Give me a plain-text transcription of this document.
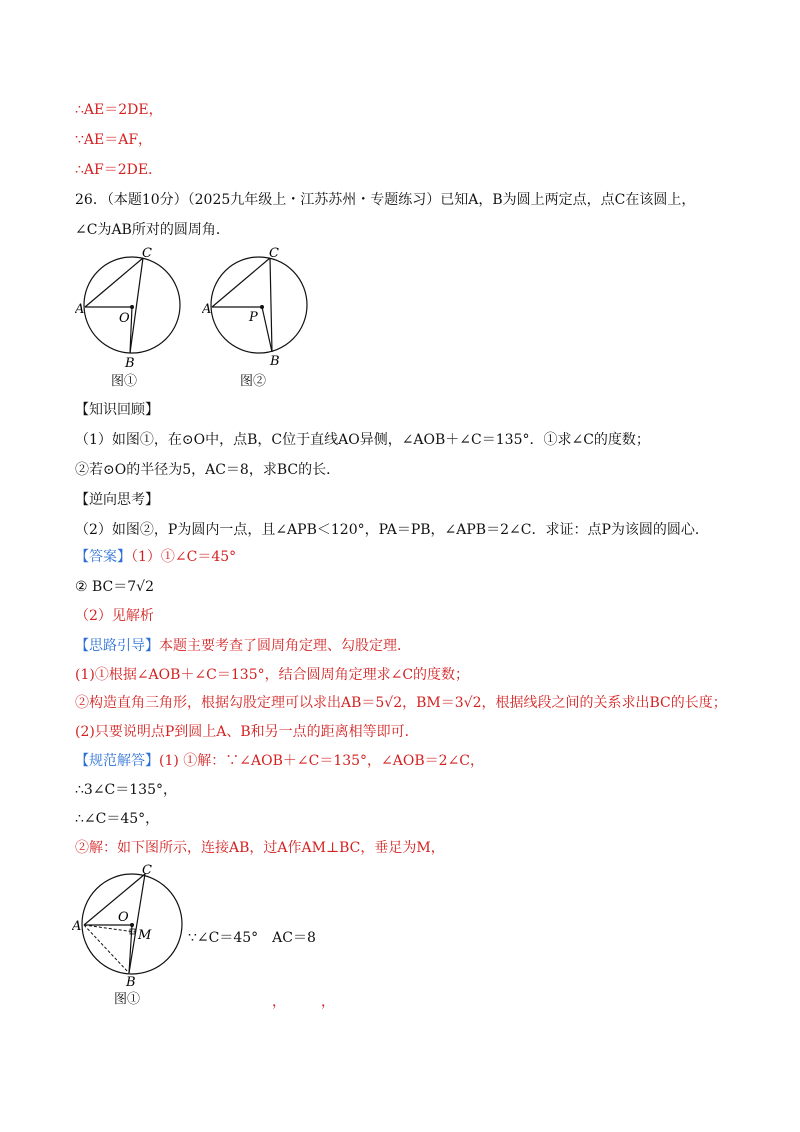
∴AE＝2DE，
∵AE＝AF，
∴AF＝2DE．
26．（本题10分）（2025九年级上・江苏苏州・专题练习）已知A，B为圆上两定点，点C在该圆上，
∠C为AB所对的圆周角．
C
A
O
B
图①
C
A
P
B
图②
【知识回顾】
（1）如图①，在⊙O中，点B，C位于直线AO异侧，∠AOB＋∠C＝135°．①求∠C的度数；
②若⊙O的半径为5，AC＝8，求BC的长．
【逆向思考】
（2）如图②，P为圆内一点，且∠APB＜120°，PA＝PB，∠APB＝2∠C．求证：点P为该圆的圆心．
【答案】（1）①∠C＝45°
② BC＝7√2
（2）见解析
【思路引导】本题主要考查了圆周角定理、勾股定理．
(1)①根据∠AOB＋∠C＝135°，结合圆周角定理求∠C的度数；
②构造直角三角形，根据勾股定理可以求出AB＝5√2，BM＝3√2，根据线段之间的关系求出BC的长度；
(2)只要说明点P到圆上A、B和另一点的距离相等即可．
【规范解答】(1) ①解：∵∠AOB＋∠C＝135°，∠AOB＝2∠C，
∴3∠C＝135°，
∴∠C＝45°，
②解：如下图所示，连接AB，过A作AM⊥BC，垂足为M，
C
A
O
M
B
∵∠C＝45°　AC＝8
图①	，　　　，
